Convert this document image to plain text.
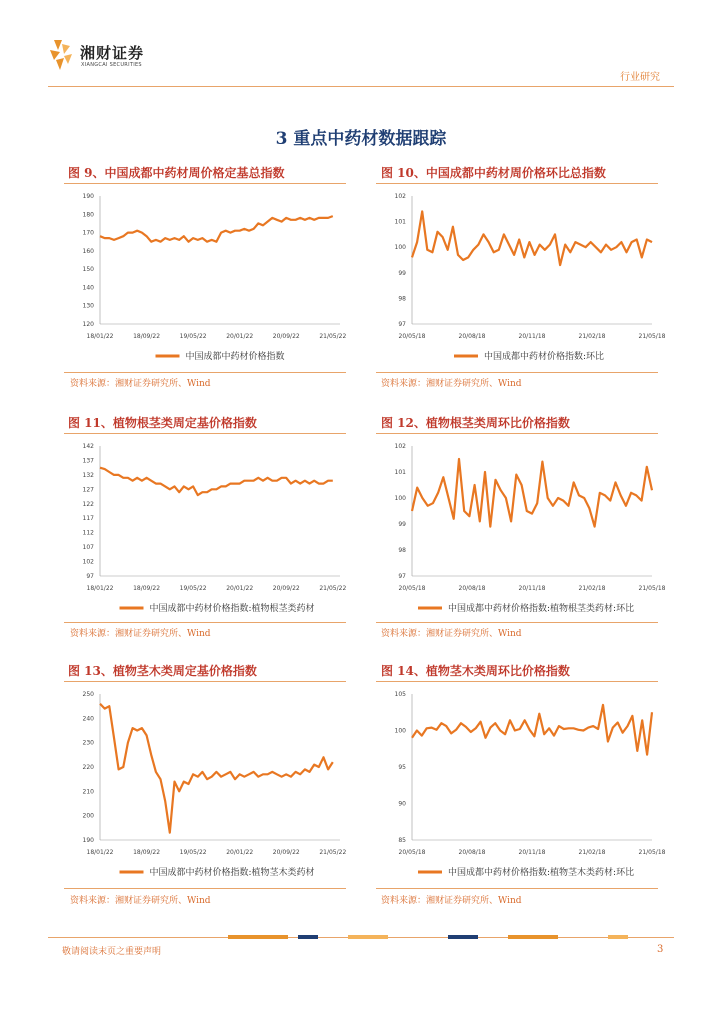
湘财证券
XIANGCAI SECURITIES
行业研究
3 重点中药材数据跟踪
图 9、中国成都中药材周价格定基总指数
190
180
170
160
150
140
130
120
18/01/22	18/09/22	19/05/22	20/01/22	20/09/22	21/05/22
中国成都中药材价格指数
资料来源：湘财证券研究所、Wind
图 10、中国成都中药材周价格环比总指数
102
101
100
99
98
97
20/05/18	20/08/18	20/11/18	21/02/18	21/05/18
中国成都中药材价格指数:环比
资料来源：湘财证券研究所、Wind
图 11、植物根茎类周定基价格指数
142
137
132
127
122
117
112
107
102
97
18/01/22	18/09/22	19/05/22	20/01/22	20/09/22	21/05/22
中国成都中药材价格指数:植物根茎类药材
资料来源：湘财证券研究所、Wind
图 12、植物根茎类周环比价格指数
102
101
100
99
98
97
20/05/18	20/08/18	20/11/18	21/02/18	21/05/18
中国成都中药材价格指数:植物根茎类药材:环比
资料来源：湘财证券研究所、Wind
图 13、植物茎木类周定基价格指数
250
240
230
220
210
200
190
18/01/22	18/09/22	19/05/22	20/01/22	20/09/22	21/05/22
中国成都中药材价格指数:植物茎木类药材
资料来源：湘财证券研究所、Wind
图 14、植物茎木类周环比价格指数
105
100
95
90
85
20/05/18	20/08/18	20/11/18	21/02/18	21/05/18
中国成都中药材价格指数:植物茎木类药材:环比
资料来源：湘财证券研究所、Wind
敬请阅读末页之重要声明	3
